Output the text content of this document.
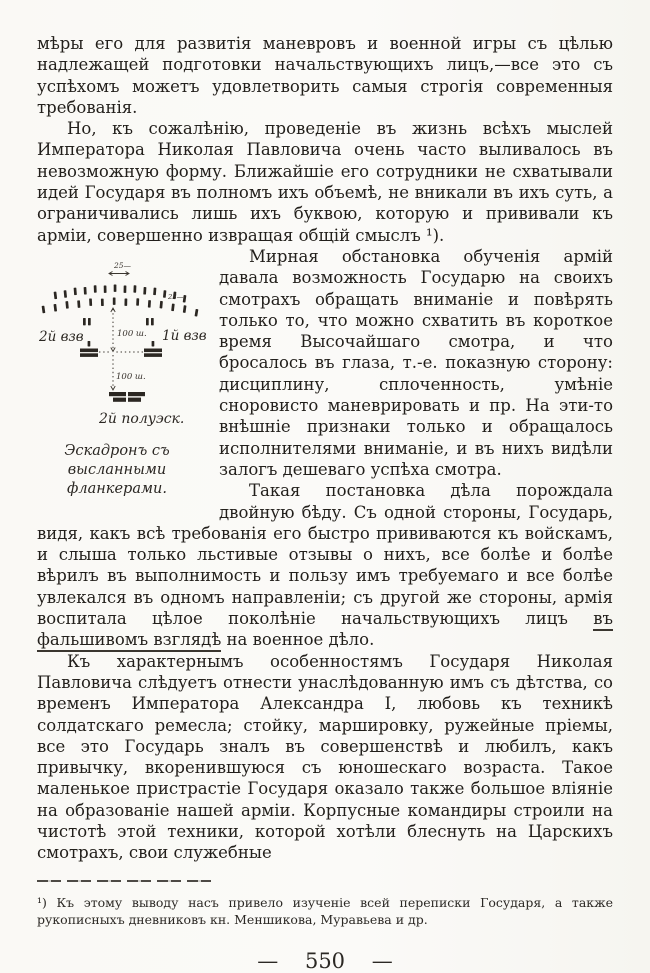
мѣры его для развитія маневровъ и военной игры съ цѣлью надлежащей подготовки начальствующихъ лицъ,—все это съ успѣхомъ можетъ удовлетворить самыя строгія современныя требованія.

Но, къ сожалѣнію, проведеніе въ жизнь всѣхъ мыслей Императора Николая Павловича очень часто выливалось въ невозможную форму. Ближайшіе его сотрудники не схватывали идей Государя въ полномъ ихъ объемѣ, не вникали въ ихъ суть, а ограничивались лишь ихъ буквою, которую и прививали къ арміи, совершенно извращая общій смыслъ ¹).

25—
23—
100 ш.
100 ш.
2й взв	1й взв
2й полуэск.
Эскадронъ съ высланными фланкерами.

Мирная обстановка обученія армій давала возможность Государю на своихъ смотрахъ обращать вниманіе и повѣрять только то, что можно схватить въ короткое время Высочайшаго смотра, и что бросалось въ глаза, т.-е. показную сторону: дисциплину, сплоченность, умѣніе сноровисто маневрировать и пр. На эти-то внѣшніе признаки только и обращалось исполнителями вниманіе, и въ нихъ видѣли залогъ дешеваго успѣха смотра.

Такая постановка дѣла порождала двойную бѣду. Съ одной стороны, Государь, видя, какъ всѣ требованія его быстро прививаются къ войскамъ, и слыша только льстивые отзывы о нихъ, все болѣе и болѣе вѣрилъ въ выполнимость и пользу имъ требуемаго и все болѣе увлекался въ одномъ направленіи; съ другой же стороны, армія воспитала цѣлое поколѣніе начальствующихъ лицъ въ фальшивомъ взглядѣ на военное дѣло.

Къ характернымъ особенностямъ Государя Николая Павловича слѣдуетъ отнести унаслѣдованную имъ съ дѣтства, со временъ Императора Александра I, любовь къ техникѣ солдатскаго ремесла; стойку, маршировку, ружейные пріемы, все это Государь зналъ въ совершенствѣ и любилъ, какъ привычку, вкоренившуюся съ юношескаго возраста. Такое маленькое пристрастіе Государя оказало также большое вліяніе на образованіе нашей арміи. Корпусные командиры строили на чистотѣ этой техники, которой хотѣли блеснуть на Царскихъ смотрахъ, свои служебные

¹) Къ этому выводу насъ привело изученіе всей переписки Государя, а также рукописныхъ дневниковъ кн. Меншикова, Муравьева и др.

— 550 —
